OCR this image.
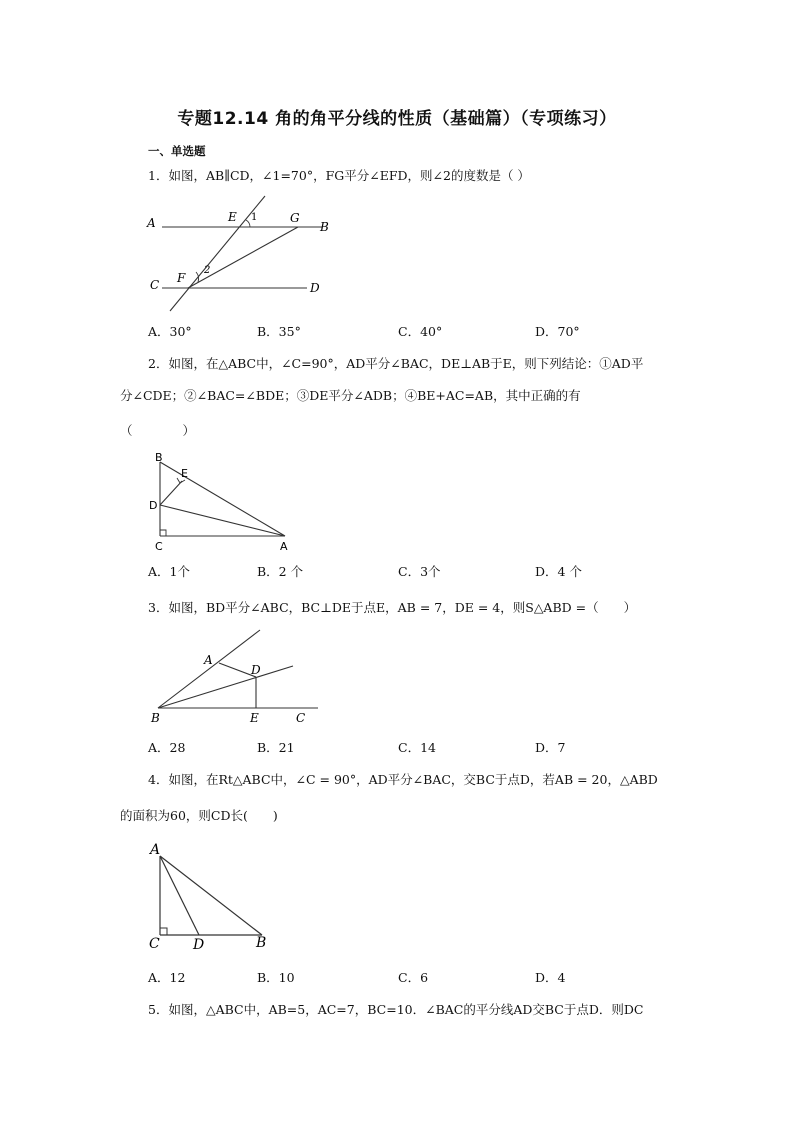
专题12.14 角的角平分线的性质（基础篇）（专项练习）
一、单选题
1．如图，AB∥CD，∠1=70°，FG平分∠EFD，则∠2的度数是（ ）
A	B
C	D
E
F
G
1
2
A．30°	B．35°	C．40°	D．70°
2．如图，在△ABC中，∠C=90°，AD平分∠BAC，DE⊥AB于E，则下列结论：①AD平
分∠CDE；②∠BAC=∠BDE；③DE平分∠ADB；④BE+AC=AB，其中正确的有
（　　　　）
B
E
D
C	A
A．1个	B．2 个	C．3个	D．4 个
3．如图，BD平分∠ABC，BC⊥DE于点E，AB = 7，DE = 4，则S△ABD =（　　）
A
D
B	E	C
A．28	B．21	C．14	D．7
4．如图，在Rt△ABC中，∠C = 90°，AD平分∠BAC，交BC于点D，若AB = 20，△ABD
的面积为60，则CD长(　　)
A
C D	B
A．12	B．10	C．6	D．4
5．如图，△ABC中，AB=5，AC=7，BC=10．∠BAC的平分线AD交BC于点D．则DC
